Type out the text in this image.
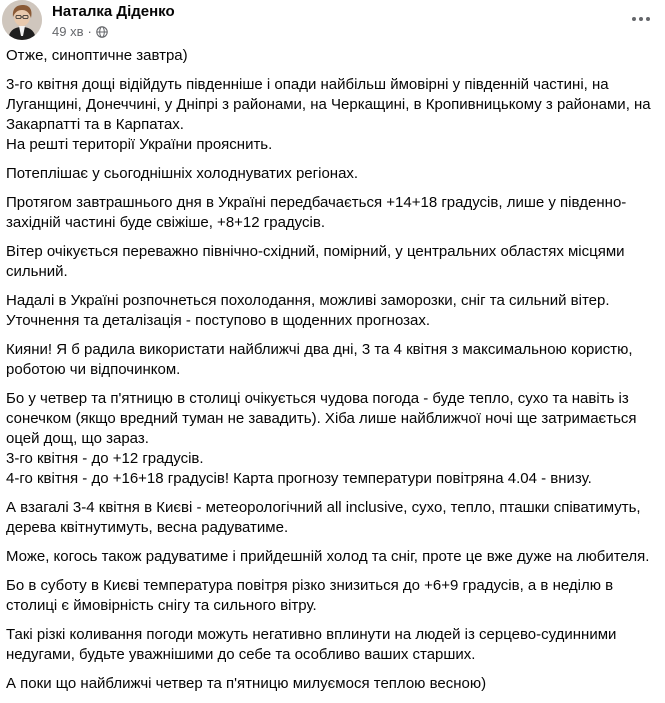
Наталка Діденко
49 хв ·

Отже, синоптичне завтра)

3-го квітня дощі відійдуть південніше і опади найбільш ймовірні у південній частині, на Луганщині, Донеччині, у Дніпрі з районами, на Черкащині, в Кропивницькому з районами, на Закарпатті та в Карпатах.
На решті території України прояснить.

Потеплішає у сьогоднішніх холоднуватих регіонах.

Протягом завтрашнього дня в Україні передбачається +14+18 градусів, лише у південно-західній частині буде свіжіше, +8+12 градусів.

Вітер очікується переважно північно-східний, помірний, у центральних областях місцями сильний.

Надалі в Україні розпочнеться похолодання, можливі заморозки, сніг та сильний вітер.
Уточнення та деталізація - поступово в щоденних прогнозах.

Кияни! Я б радила використати найближчі два дні, 3 та 4 квітня з максимальною користю, роботою чи відпочинком.

Бо у четвер та п'ятницю в столиці очікується чудова погода - буде тепло, сухо та навіть із сонечком (якщо вредний туман не завадить). Хіба лише найближчої ночі ще затримається оцей дощ, що зараз.
3-го квітня - до +12 градусів.
4-го квітня - до +16+18 градусів! Карта прогнозу температури повітряна 4.04 - внизу.

А взагалі 3-4 квітня в Києві - метеорологічний all inclusive, сухо, тепло, пташки співатимуть, дерева квітнутимуть, весна радуватиме.

Може, когось також радуватиме і прийдешній холод та сніг, проте це вже дуже на любителя.

Бо в суботу в Києві температура повітря різко знизиться до +6+9 градусів, а в неділю в столиці є ймовірність снігу та сильного вітру.

Такі різкі коливання погоди можуть негативно вплинути на людей із серцево-судинними недугами, будьте уважнішими до себе та особливо ваших старших.

А поки що найближчі четвер та п'ятницю милуємося теплою весною)
